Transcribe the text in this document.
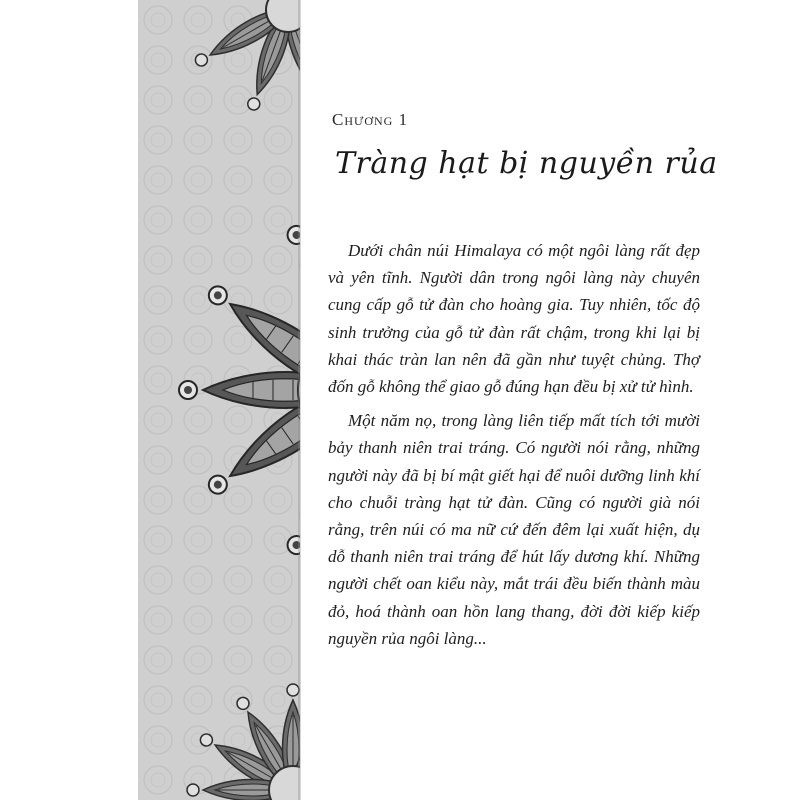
Chương 1
Tràng hạt bị nguyền rủa

Dưới chân núi Himalaya có một ngôi làng rất đẹp và yên tĩnh. Người dân trong ngôi làng này chuyên cung cấp gỗ tử đàn cho hoàng gia. Tuy nhiên, tốc độ sinh trưởng của gỗ tử đàn rất chậm, trong khi lại bị khai thác tràn lan nên đã gần như tuyệt chủng. Thợ đốn gỗ không thể giao gỗ đúng hạn đều bị xử tử hình.

Một năm nọ, trong làng liên tiếp mất tích tới mười bảy thanh niên trai tráng. Có người nói rằng, những người này đã bị bí mật giết hại để nuôi dưỡng linh khí cho chuỗi tràng hạt tử đàn. Cũng có người già nói rằng, trên núi có ma nữ cứ đến đêm lại xuất hiện, dụ dỗ thanh niên trai tráng để hút lấy dương khí. Những người chết oan kiểu này, mắt trái đều biến thành màu đỏ, hoá thành oan hồn lang thang, đời đời kiếp kiếp nguyền rủa ngôi làng...
